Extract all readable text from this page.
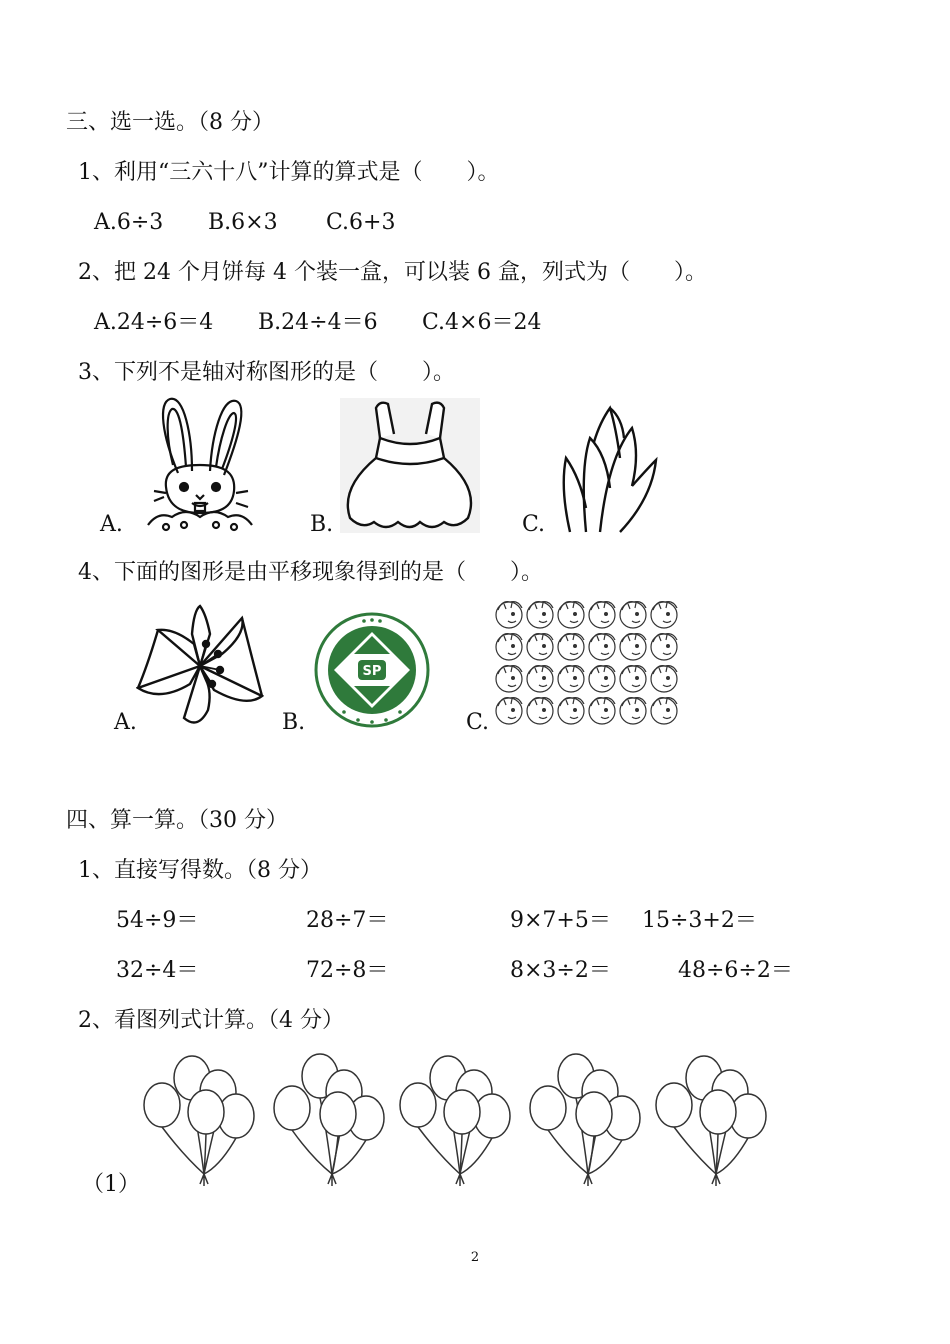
三、选一选。（8 分）
1、利用“三六十八”计算的算式是（　　）。
A.6÷3 B.6×3 C.6+3
2、把 24 个月饼每 4 个装一盒，可以装 6 盒，列式为（　　）。
A.24÷6＝4 B.24÷4＝6 C.4×6＝24
3、下列不是轴对称图形的是（　　）。
A.	B.	C.
4、下面的图形是由平移现象得到的是（　　）。
A.
SP
B.	C.
四、算一算。（30 分）
1、直接写得数。（8 分）
54÷9＝	28÷7＝	9×7+5＝ 15÷3+2＝
32÷4＝	72÷8＝	8×3÷2＝	48÷6÷2＝
2、看图列式计算。（4 分）
（1）
2
